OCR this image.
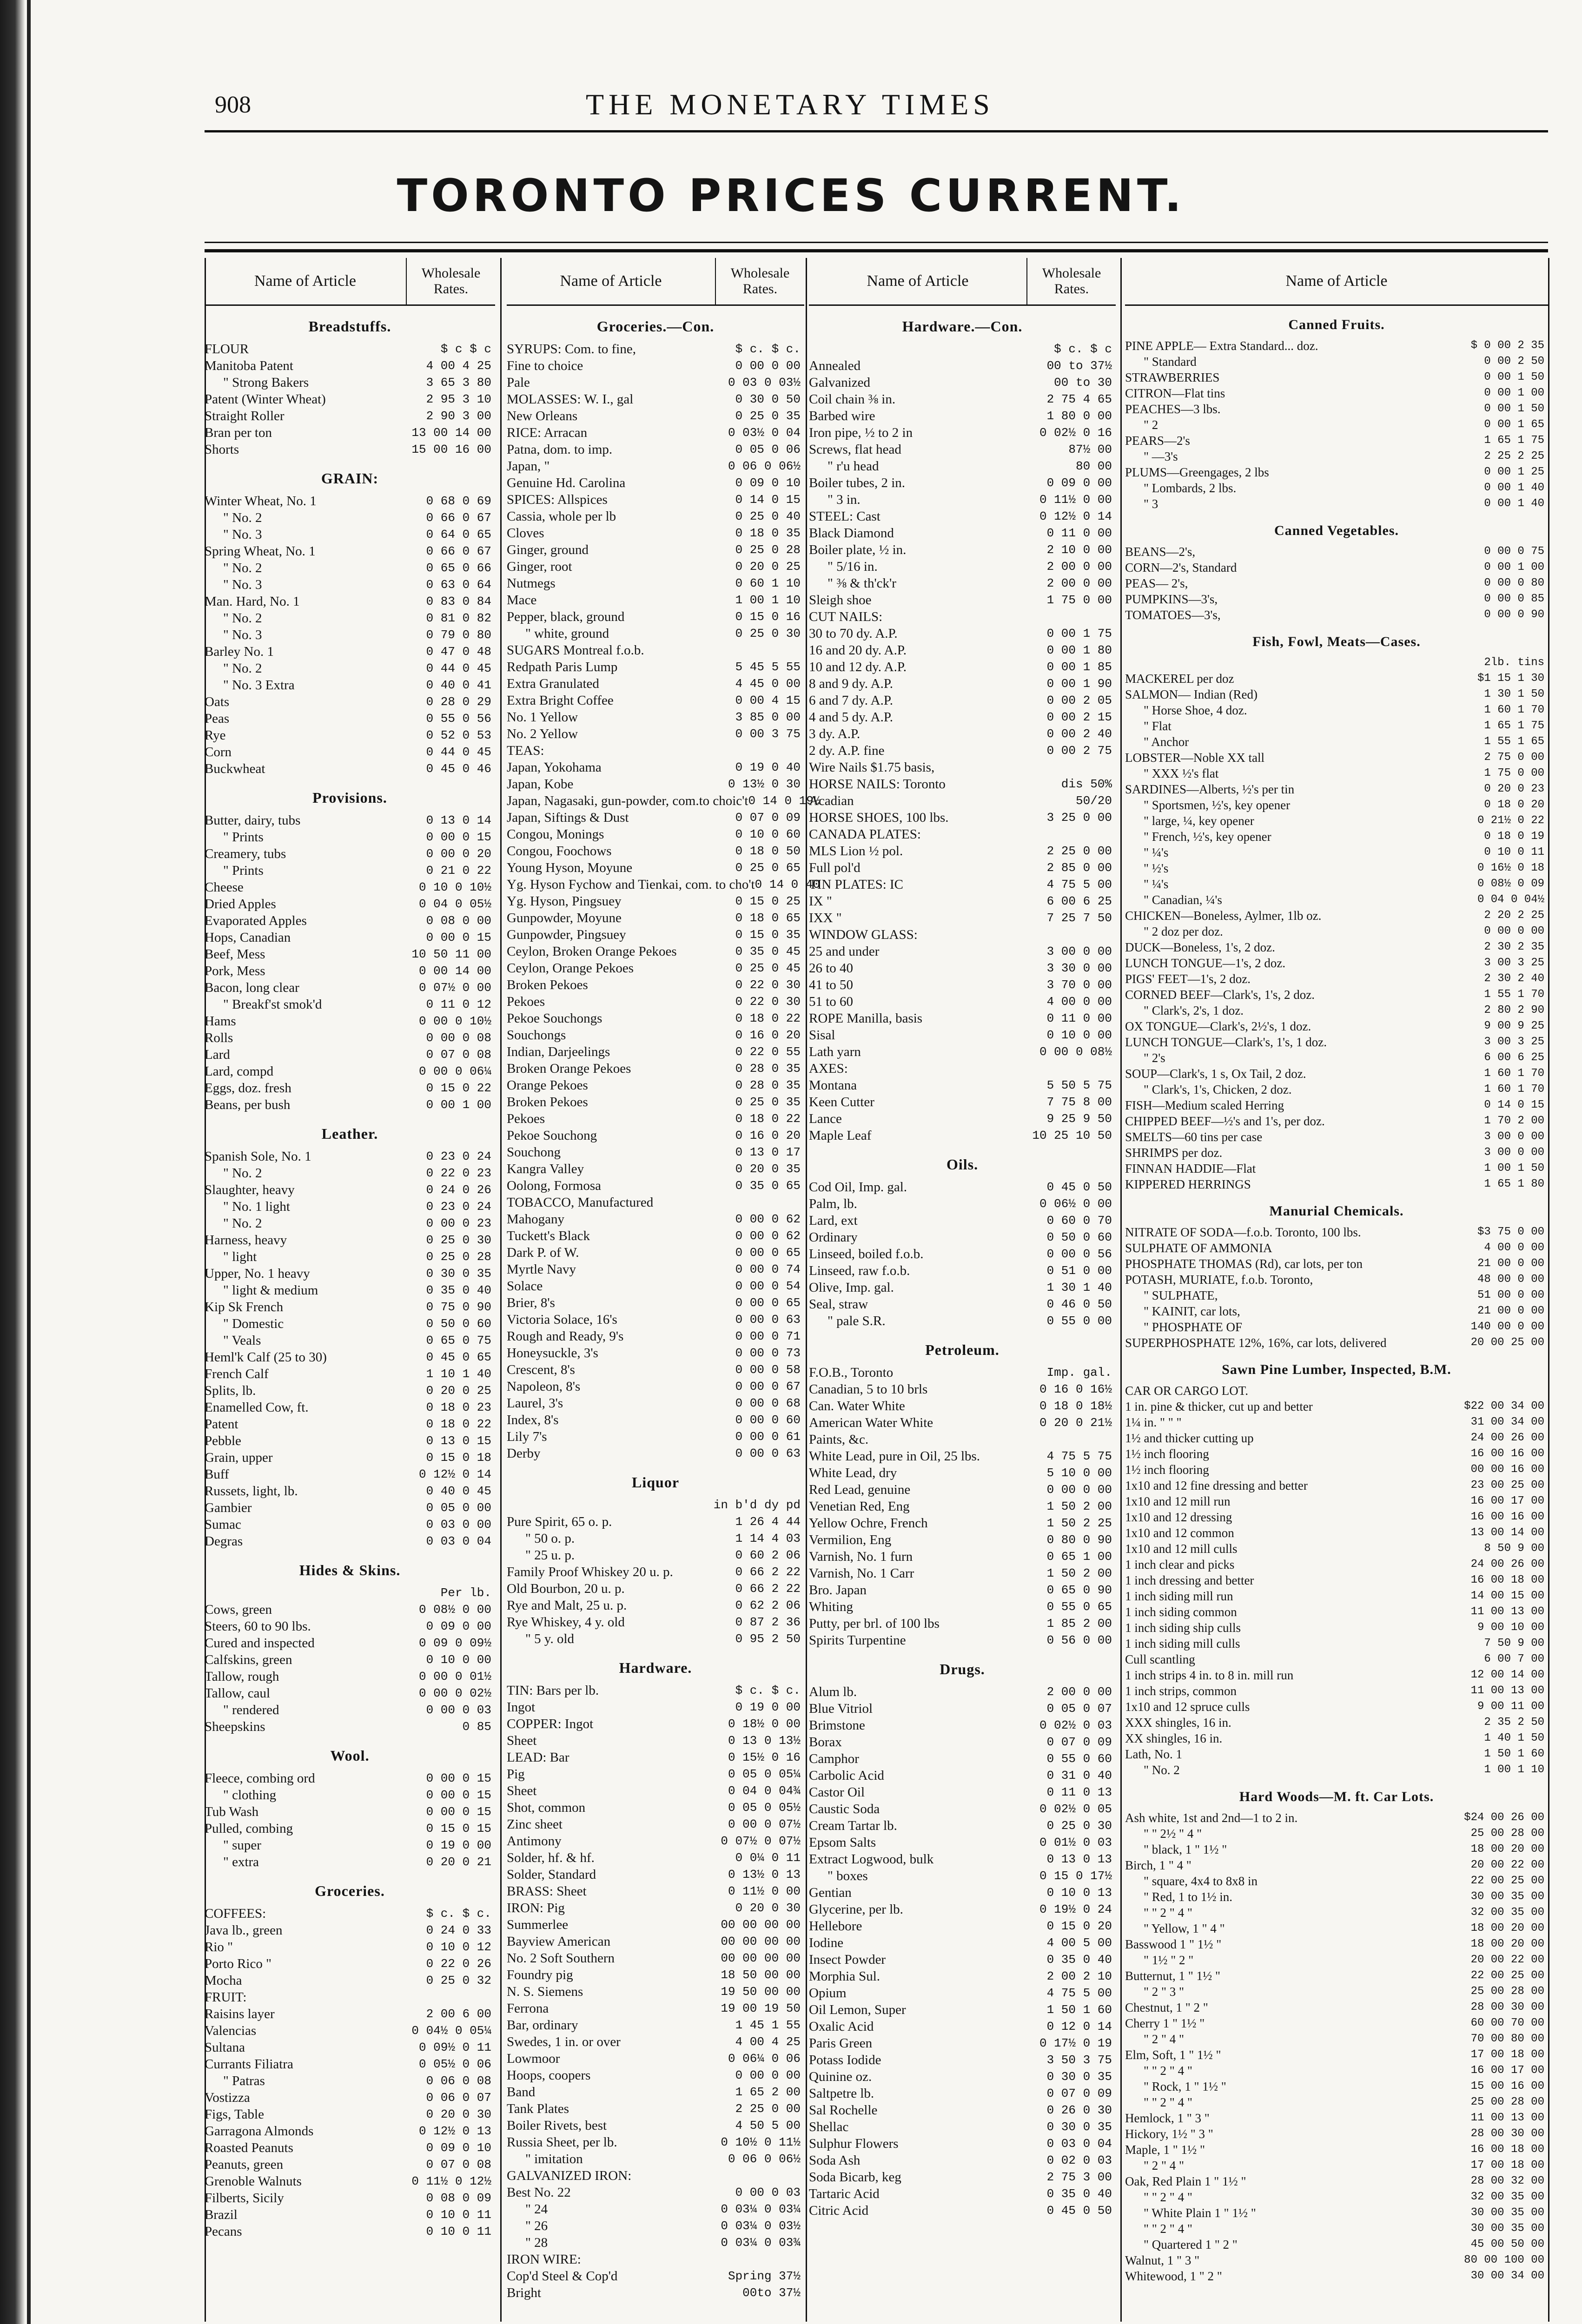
908	THE MONETARY TIMES
TORONTO PRICES CURRENT.
Name of Article	Wholesale Rates.
Breadstuffs.
FLOUR	$ c $ c
Manitoba Patent	4 00 4 25
" Strong Bakers	3 65 3 80
Patent (Winter Wheat)	2 95 3 10
Straight Roller	2 90 3 00
Bran per ton	13 00 14 00
Shorts	15 00 16 00
GRAIN:
Winter Wheat, No. 1	0 68 0 69
" No. 2	0 66 0 67
" No. 3	0 64 0 65
Spring Wheat, No. 1	0 66 0 67
" No. 2	0 65 0 66
" No. 3	0 63 0 64
Man. Hard, No. 1	0 83 0 84
" No. 2	0 81 0 82
" No. 3	0 79 0 80
Barley No. 1	0 47 0 48
" No. 2	0 44 0 45
" No. 3 Extra	0 40 0 41
Oats	0 28 0 29
Peas	0 55 0 56
Rye	0 52 0 53
Corn	0 44 0 45
Buckwheat	0 45 0 46
Provisions.
Butter, dairy, tubs	0 13 0 14
" Prints	0 00 0 15
Creamery, tubs	0 00 0 20
" Prints	0 21 0 22
Cheese	0 10 0 10½
Dried Apples	0 04 0 05½
Evaporated Apples	0 08 0 00
Hops, Canadian	0 00 0 15
Beef, Mess	10 50 11 00
Pork, Mess	0 00 14 00
Bacon, long clear	0 07½ 0 00
" Breakf'st smok'd	0 11 0 12
Hams	0 00 0 10½
Rolls	0 00 0 08
Lard	0 07 0 08
Lard, compd	0 00 0 06¼
Eggs, doz. fresh	0 15 0 22
Beans, per bush	0 00 1 00
Leather.
Spanish Sole, No. 1	0 23 0 24
" No. 2	0 22 0 23
Slaughter, heavy	0 24 0 26
" No. 1 light	0 23 0 24
" No. 2	0 00 0 23
Harness, heavy	0 25 0 30
" light	0 25 0 28
Upper, No. 1 heavy	0 30 0 35
" light & medium	0 35 0 40
Kip Sk French	0 75 0 90
" Domestic	0 50 0 60
" Veals	0 65 0 75
Heml'k Calf (25 to 30)	0 45 0 65
French Calf	1 10 1 40
Splits, lb.	0 20 0 25
Enamelled Cow, ft.	0 18 0 23
Patent	0 18 0 22
Pebble	0 13 0 15
Grain, upper	0 15 0 18
Buff	0 12½ 0 14
Russets, light, lb.	0 40 0 45
Gambier	0 05 0 00
Sumac	0 03 0 00
Degras	0 03 0 04
Hides & Skins.
Per lb.
Cows, green	0 08½ 0 00
Steers, 60 to 90 lbs.	0 09 0 00
Cured and inspected	0 09 0 09½
Calfskins, green	0 10 0 00
Tallow, rough	0 00 0 01½
Tallow, caul	0 00 0 02½
" rendered	0 00 0 03
Sheepskins	0 85
Wool.
Fleece, combing ord	0 00 0 15
" clothing	0 00 0 15
Tub Wash	0 00 0 15
Pulled, combing	0 15 0 15
" super	0 19 0 00
" extra	0 20 0 21
Groceries.
COFFEES:	$ c. $ c.
Java lb., green	0 24 0 33
Rio "	0 10 0 12
Porto Rico "	0 22 0 26
Mocha	0 25 0 32
FRUIT:
Raisins layer	2 00 6 00
Valencias	0 04½ 0 05¼
Sultana	0 09½ 0 11
Currants Filiatra	0 05½ 0 06
" Patras	0 06 0 08
Vostizza	0 06 0 07
Figs, Table	0 20 0 30
Garragona Almonds	0 12½ 0 13
Roasted Peanuts	0 09 0 10
Peanuts, green	0 07 0 08
Grenoble Walnuts	0 11½ 0 12½
Filberts, Sicily	0 08 0 09
Brazil	0 10 0 11
Pecans	0 10 0 11
Name of Article	Wholesale Rates.
Groceries.—Con.
SYRUPS: Com. to fine,	$ c. $ c.
Fine to choice	0 00 0 00
Pale	0 03 0 03½
MOLASSES: W. I., gal	0 30 0 50
New Orleans	0 25 0 35
RICE: Arracan	0 03½ 0 04
Patna, dom. to imp.	0 05 0 06
Japan, "	0 06 0 06½
Genuine Hd. Carolina	0 09 0 10
SPICES: Allspices	0 14 0 15
Cassia, whole per lb	0 25 0 40
Cloves	0 18 0 35
Ginger, ground	0 25 0 28
Ginger, root	0 20 0 25
Nutmegs	0 60 1 10
Mace	1 00 1 10
Pepper, black, ground	0 15 0 16
" white, ground	0 25 0 30
SUGARS Montreal f.o.b.
Redpath Paris Lump	5 45 5 55
Extra Granulated	4 45 0 00
Extra Bright Coffee	0 00 4 15
No. 1 Yellow	3 85 0 00
No. 2 Yellow	0 00 3 75
TEAS:
Japan, Yokohama	0 19 0 40
Japan, Kobe	0 13½ 0 30
Japan, Nagasaki, gun-powder, com.to choic't 0 14 0 19½
Japan, Siftings & Dust	0 07 0 09
Congou, Monings	0 10 0 60
Congou, Foochows	0 18 0 50
Young Hyson, Moyune	0 25 0 65
Yg. Hyson Fychow and Tienkai, com. to cho't 0 14 0 40
Yg. Hyson, Pingsuey	0 15 0 25
Gunpowder, Moyune	0 18 0 65
Gunpowder, Pingsuey	0 15 0 35
Ceylon, Broken Orange Pekoes	0 35 0 45
Ceylon, Orange Pekoes	0 25 0 45
Broken Pekoes	0 22 0 30
Pekoes	0 22 0 30
Pekoe Souchongs	0 18 0 22
Souchongs	0 16 0 20
Indian, Darjeelings	0 22 0 55
Broken Orange Pekoes	0 28 0 35
Orange Pekoes	0 28 0 35
Broken Pekoes	0 25 0 35
Pekoes	0 18 0 22
Pekoe Souchong	0 16 0 20
Souchong	0 13 0 17
Kangra Valley	0 20 0 35
Oolong, Formosa	0 35 0 65
TOBACCO, Manufactured
Mahogany	0 00 0 62
Tuckett's Black	0 00 0 62
Dark P. of W.	0 00 0 65
Myrtle Navy	0 00 0 74
Solace	0 00 0 54
Brier, 8's	0 00 0 65
Victoria Solace, 16's	0 00 0 63
Rough and Ready, 9's	0 00 0 71
Honeysuckle, 3's	0 00 0 73
Crescent, 8's	0 00 0 58
Napoleon, 8's	0 00 0 67
Laurel, 3's	0 00 0 68
Index, 8's	0 00 0 60
Lily 7's	0 00 0 61
Derby	0 00 0 63
Liquor
in b'd dy pd
Pure Spirit, 65 o. p.	1 26 4 44
" 50 o. p.	1 14 4 03
" 25 u. p.	0 60 2 06
Family Proof Whiskey 20 u. p.	0 66 2 22
Old Bourbon, 20 u. p.	0 66 2 22
Rye and Malt, 25 u. p.	0 62 2 06
Rye Whiskey, 4 y. old	0 87 2 36
" 5 y. old	0 95 2 50
Hardware.
TIN: Bars per lb.	$ c. $ c.
Ingot	0 19 0 00
COPPER: Ingot	0 18½ 0 00
Sheet	0 13 0 13½
LEAD: Bar	0 15½ 0 16
Pig	0 05 0 05¼
Sheet	0 04 0 04¾
Shot, common	0 05 0 05½
Zinc sheet	0 00 0 07½
Antimony	0 07½ 0 07½
Solder, hf. & hf.	0 0¼ 0 11
Solder, Standard	0 13½ 0 13
BRASS: Sheet	0 11½ 0 00
IRON: Pig	0 20 0 30
Summerlee	00 00 00 00
Bayview American	00 00 00 00
No. 2 Soft Southern	00 00 00 00
Foundry pig	18 50 00 00
N. S. Siemens	19 50 00 00
Ferrona	19 00 19 50
Bar, ordinary	1 45 1 55
Swedes, 1 in. or over	4 00 4 25
Lowmoor	0 06¼ 0 06
Hoops, coopers	0 00 0 00
Band	1 65 2 00
Tank Plates	2 25 0 00
Boiler Rivets, best	4 50 5 00
Russia Sheet, per lb.	0 10½ 0 11½
" imitation	0 06 0 06½
GALVANIZED IRON:
Best No. 22	0 00 0 03
" 24	0 03¼ 0 03¼
" 26	0 03¼ 0 03½
" 28	0 03¼ 0 03¾
IRON WIRE:
Cop'd Steel & Cop'd	Spring 37½
Bright	00to 37½
Name of Article	Wholesale Rates.
Hardware.—Con.
$ c. $ c
Annealed	00 to 37½
Galvanized	00 to 30
Coil chain ⅜ in.	2 75 4 65
Barbed wire	1 80 0 00
Iron pipe, ½ to 2 in	0 02½ 0 16
Screws, flat head	87½ 00
" r'u head	80 00
Boiler tubes, 2 in.	0 09 0 00
" 3 in.	0 11½ 0 00
STEEL: Cast	0 12½ 0 14
Black Diamond	0 11 0 00
Boiler plate, ½ in.	2 10 0 00
" 5/16 in.	2 00 0 00
" ⅜ & th'ck'r	2 00 0 00
Sleigh shoe	1 75 0 00
CUT NAILS:
30 to 70 dy. A.P.	0 00 1 75
16 and 20 dy. A.P.	0 00 1 80
10 and 12 dy. A.P.	0 00 1 85
8 and 9 dy. A.P.	0 00 1 90
6 and 7 dy. A.P.	0 00 2 05
4 and 5 dy. A.P.	0 00 2 15
3 dy. A.P.	0 00 2 40
2 dy. A.P. fine	0 00 2 75
Wire Nails $1.75 basis,
HORSE NAILS: Toronto	dis 50%
Acadian	50/20
HORSE SHOES, 100 lbs.	3 25 0 00
CANADA PLATES:
MLS Lion ½ pol.	2 25 0 00
Full pol'd	2 85 0 00
TIN PLATES: IC	4 75 5 00
IX "	6 00 6 25
IXX "	7 25 7 50
WINDOW GLASS:
25 and under	3 00 0 00
26 to 40	3 30 0 00
41 to 50	3 70 0 00
51 to 60	4 00 0 00
ROPE Manilla, basis	0 11 0 00
Sisal	0 10 0 00
Lath yarn	0 00 0 08½
AXES:
Montana	5 50 5 75
Keen Cutter	7 75 8 00
Lance	9 25 9 50
Maple Leaf	10 25 10 50
Oils.
Cod Oil, Imp. gal.	0 45 0 50
Palm, lb.	0 06½ 0 00
Lard, ext	0 60 0 70
Ordinary	0 50 0 60
Linseed, boiled f.o.b.	0 00 0 56
Linseed, raw f.o.b.	0 51 0 00
Olive, Imp. gal.	1 30 1 40
Seal, straw	0 46 0 50
" pale S.R.	0 55 0 00
Petroleum.
F.O.B., Toronto	Imp. gal.
Canadian, 5 to 10 brls	0 16 0 16½
Can. Water White	0 18 0 18½
American Water White	0 20 0 21½
Paints, &c.
White Lead, pure in Oil, 25 lbs.	4 75 5 75
White Lead, dry	5 10 0 00
Red Lead, genuine	0 00 0 00
Venetian Red, Eng	1 50 2 00
Yellow Ochre, French	1 50 2 25
Vermilion, Eng	0 80 0 90
Varnish, No. 1 furn	0 65 1 00
Varnish, No. 1 Carr	1 50 2 00
Bro. Japan	0 65 0 90
Whiting	0 55 0 65
Putty, per brl. of 100 lbs	1 85 2 00
Spirits Turpentine	0 56 0 00
Drugs.
Alum lb.	2 00 0 00
Blue Vitriol	0 05 0 07
Brimstone	0 02½ 0 03
Borax	0 07 0 09
Camphor	0 55 0 60
Carbolic Acid	0 31 0 40
Castor Oil	0 11 0 13
Caustic Soda	0 02½ 0 05
Cream Tartar lb.	0 25 0 30
Epsom Salts	0 01½ 0 03
Extract Logwood, bulk	0 13 0 13
" boxes	0 15 0 17½
Gentian	0 10 0 13
Glycerine, per lb.	0 19½ 0 24
Hellebore	0 15 0 20
Iodine	4 00 5 00
Insect Powder	0 35 0 40
Morphia Sul.	2 00 2 10
Opium	4 75 5 00
Oil Lemon, Super	1 50 1 60
Oxalic Acid	0 12 0 14
Paris Green	0 17½ 0 19
Potass Iodide	3 50 3 75
Quinine oz.	0 30 0 35
Saltpetre lb.	0 07 0 09
Sal Rochelle	0 26 0 30
Shellac	0 30 0 35
Sulphur Flowers	0 03 0 04
Soda Ash	0 02 0 03
Soda Bicarb, keg	2 75 3 00
Tartaric Acid	0 35 0 40
Citric Acid	0 45 0 50
Name of Article
Canned Fruits.
PINE APPLE— Extra Standard... doz.	$ 0 00 2 35
" Standard	0 00 2 50
STRAWBERRIES	0 00 1 50
CITRON—Flat tins	0 00 1 00
PEACHES—3 lbs.	0 00 1 50
" 2	0 00 1 65
PEARS—2's	1 65 1 75
" —3's	2 25 2 25
PLUMS—Greengages, 2 lbs	0 00 1 25
" Lombards, 2 lbs.	0 00 1 40
" 3	0 00 1 40
Canned Vegetables.
BEANS—2's,	0 00 0 75
CORN—2's, Standard	0 00 1 00
PEAS— 2's,	0 00 0 80
PUMPKINS—3's,	0 00 0 85
TOMATOES—3's,	0 00 0 90
Fish, Fowl, Meats—Cases.
2lb. tins
MACKEREL per doz	$1 15 1 30
SALMON— Indian (Red)	1 30 1 50
" Horse Shoe, 4 doz.	1 60 1 70
" Flat	1 65 1 75
" Anchor	1 55 1 65
LOBSTER—Noble XX tall	2 75 0 00
" XXX ½'s flat	1 75 0 00
SARDINES—Alberts, ½'s per tin	0 20 0 23
" Sportsmen, ½'s, key opener	0 18 0 20
" large, ¼, key opener	0 21½ 0 22
" French, ½'s, key opener	0 18 0 19
" ¼'s	0 10 0 11
" ½'s	0 16½ 0 18
" ¼'s	0 08½ 0 09
" Canadian, ¼'s	0 04 0 04½
CHICKEN—Boneless, Aylmer, 1lb oz.	2 20 2 25
" 2 doz per doz.	0 00 0 00
DUCK—Boneless, 1's, 2 doz.	2 30 2 35
LUNCH TONGUE—1's, 2 doz.	3 00 3 25
PIGS' FEET—1's, 2 doz.	2 30 2 40
CORNED BEEF—Clark's, 1's, 2 doz.	1 55 1 70
" Clark's, 2's, 1 doz.	2 80 2 90
OX TONGUE—Clark's, 2½'s, 1 doz.	9 00 9 25
LUNCH TONGUE—Clark's, 1's, 1 doz.	3 00 3 25
" 2's	6 00 6 25
SOUP—Clark's, 1 s, Ox Tail, 2 doz.	1 60 1 70
" Clark's, 1's, Chicken, 2 doz.	1 60 1 70
FISH—Medium scaled Herring	0 14 0 15
CHIPPED BEEF—½'s and 1's, per doz.	1 70 2 00
SMELTS—60 tins per case	3 00 0 00
SHRIMPS per doz.	3 00 0 00
FINNAN HADDIE—Flat	1 00 1 50
KIPPERED HERRINGS	1 65 1 80
Manurial Chemicals.
NITRATE OF SODA—f.o.b. Toronto, 100 lbs.	$3 75 0 00
SULPHATE OF AMMONIA	4 00 0 00
PHOSPHATE THOMAS (Rd), car lots, per ton	21 00 0 00
POTASH, MURIATE, f.o.b. Toronto,	48 00 0 00
" SULPHATE,	51 00 0 00
" KAINIT, car lots,	21 00 0 00
" PHOSPHATE OF	140 00 0 00
SUPERPHOSPHATE 12%, 16%, car lots, delivered	20 00 25 00
Sawn Pine Lumber, Inspected, B.M.
CAR OR CARGO LOT.
1 in. pine & thicker, cut up and better	$22 00 34 00
1¼ in. " " "	31 00 34 00
1½ and thicker cutting up	24 00 26 00
1½ inch flooring	16 00 16 00
1½ inch flooring	00 00 16 00
1x10 and 12 fine dressing and better	23 00 25 00
1x10 and 12 mill run	16 00 17 00
1x10 and 12 dressing	16 00 16 00
1x10 and 12 common	13 00 14 00
1x10 and 12 mill culls	8 50 9 00
1 inch clear and picks	24 00 26 00
1 inch dressing and better	16 00 18 00
1 inch siding mill run	14 00 15 00
1 inch siding common	11 00 13 00
1 inch siding ship culls	9 00 10 00
1 inch siding mill culls	7 50 9 00
Cull scantling	6 00 7 00
1 inch strips 4 in. to 8 in. mill run	12 00 14 00
1 inch strips, common	11 00 13 00
1x10 and 12 spruce culls	9 00 11 00
XXX shingles, 16 in.	2 35 2 50
XX shingles, 16 in.	1 40 1 50
Lath, No. 1	1 50 1 60
" No. 2	1 00 1 10
Hard Woods—M. ft. Car Lots.
Ash white, 1st and 2nd—1 to 2 in.	$24 00 26 00
" " 2½ " 4 "	25 00 28 00
" black, 1 " 1½ "	18 00 20 00
Birch, 1 " 4 "	20 00 22 00
" square, 4x4 to 8x8 in	22 00 25 00
" Red, 1 to 1½ in.	30 00 35 00
" " 2 " 4 "	32 00 35 00
" Yellow, 1 " 4 "	18 00 20 00
Basswood 1 " 1½ "	18 00 20 00
" 1½ " 2 "	20 00 22 00
Butternut, 1 " 1½ "	22 00 25 00
" 2 " 3 "	25 00 28 00
Chestnut, 1 " 2 "	28 00 30 00
Cherry 1 " 1½ "	60 00 70 00
" 2 " 4 "	70 00 80 00
Elm, Soft, 1 " 1½ "	17 00 18 00
" " 2 " 4 "	16 00 17 00
" Rock, 1 " 1½ "	15 00 16 00
" " 2 " 4 "	25 00 28 00
Hemlock, 1 " 3 "	11 00 13 00
Hickory, 1½ " 3 "	28 00 30 00
Maple, 1 " 1½ "	16 00 18 00
" 2 " 4 "	17 00 18 00
Oak, Red Plain 1 " 1½ "	28 00 32 00
" " 2 " 4 "	32 00 35 00
" White Plain 1 " 1½ "	30 00 35 00
" " 2 " 4 "	30 00 35 00
" Quartered 1 " 2 "	45 00 50 00
Walnut, 1 " 3 "	80 00 100 00
Whitewood, 1 " 2 "	30 00 34 00
